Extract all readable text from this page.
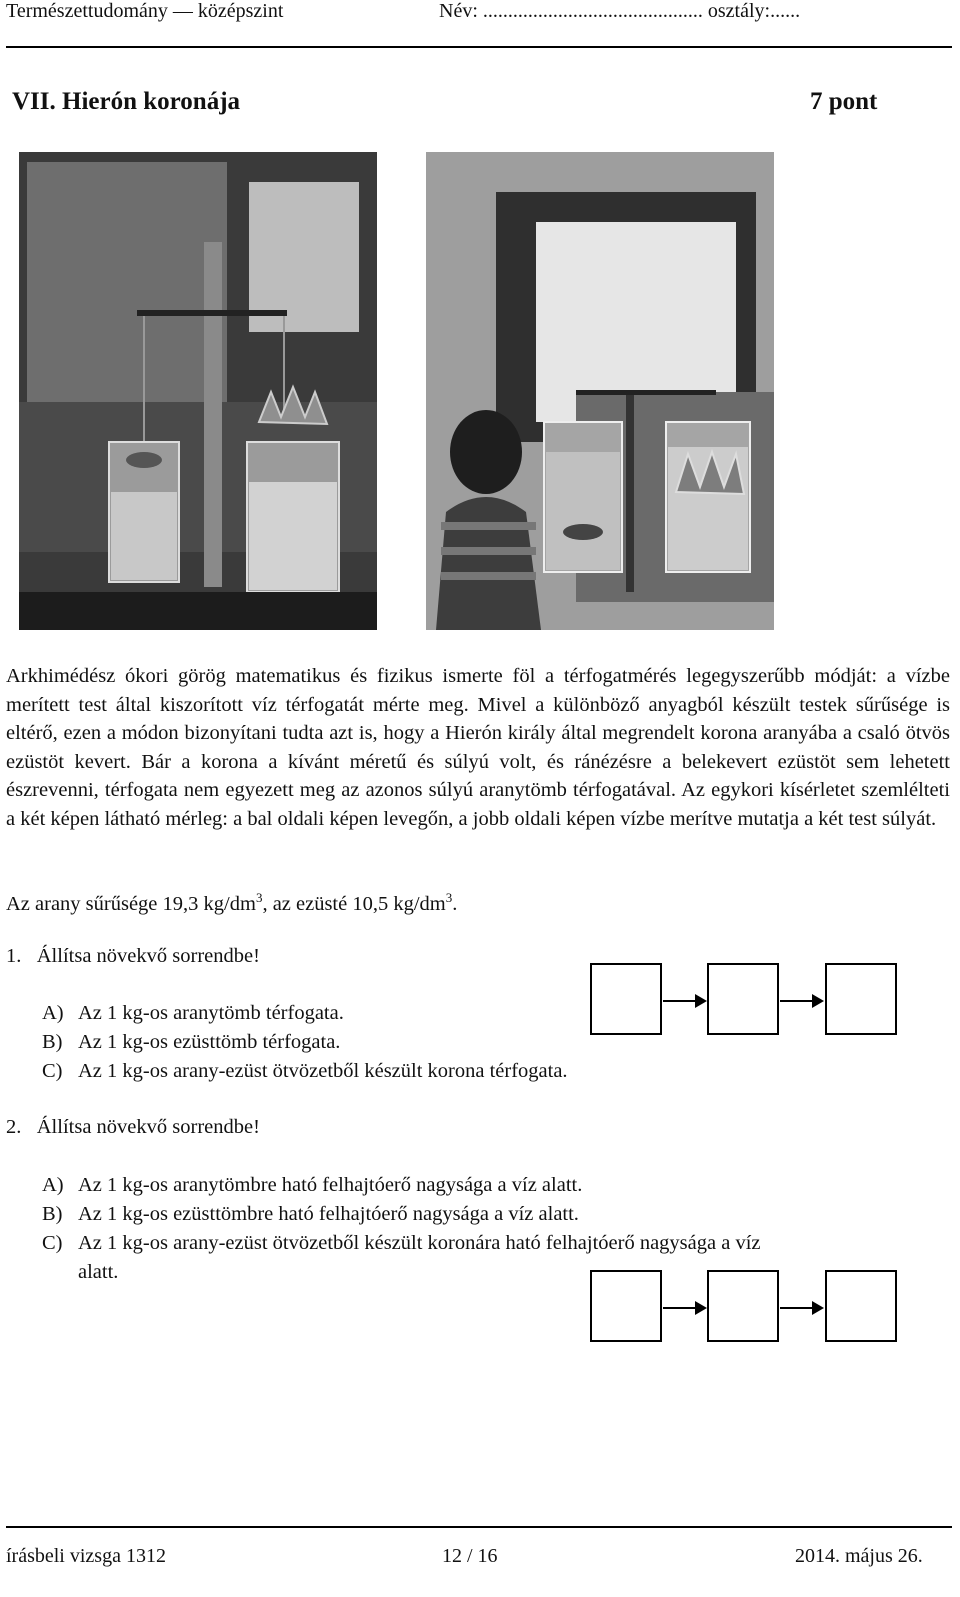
Természettudomány — középszint	Név: ............................................ osztály:......
VII. Hierón koronája	7 pont

Arkhimédész ókori görög matematikus és fizikus ismerte föl a térfogatmérés legegyszerűbb módját: a vízbe merített test által kiszorított víz térfogatát mérte meg. Mivel a különböző anyagból készült testek sűrűsége is eltérő, ezen a módon bizonyítani tudta azt is, hogy a Hierón király által megrendelt korona aranyába a csaló ötvös ezüstöt kevert. Bár a korona a kívánt méretű és súlyú volt, és ránézésre a belekevert ezüstöt sem lehetett észrevenni, térfogata nem egyezett meg az azonos súlyú aranytömb térfogatával. Az egykori kísérletet szemlélteti a két képen látható mérleg: a bal oldali képen levegőn, a jobb oldali képen vízbe merítve mutatja a két test súlyát.

Az arany sűrűsége 19,3 $kg/dm^3$, az ezüsté 10,5 $kg/dm^3$.
1. Állítsa növekvő sorrendbe!
A) Az 1 kg-os aranytömb térfogata.
B) Az 1 kg-os ezüsttömb térfogata.
C) Az 1 kg-os arany-ezüst ötvözetből készült korona térfogata.
2. Állítsa növekvő sorrendbe!
A) Az 1 kg-os aranytömbre ható felhajtóerő nagysága a víz alatt.
B) Az 1 kg-os ezüsttömbre ható felhajtóerő nagysága a víz alatt.
C) Az 1 kg-os arany-ezüst ötvözetből készült koronára ható felhajtóerő nagysága a víz
alatt.
írásbeli vizsga 1312	12 / 16	2014. május 26.
